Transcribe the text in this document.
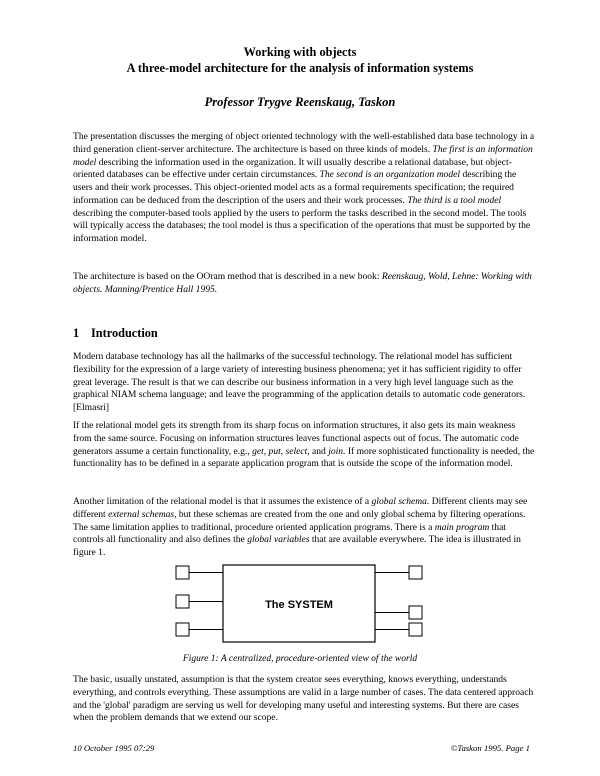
Working with objects
A three-model architecture for the analysis of information systems
Professor Trygve Reenskaug, Taskon
The presentation discusses the merging of object oriented technology with the well-established data base technology in a third generation client-server architecture. The architecture is based on three kinds of models. The first is an information model describing the information used in the organization. It will usually describe a relational database, but object-oriented databases can be effective under certain circumstances. The second is an organization model describing the users and their work processes. This object-oriented model acts as a formal requirements specification; the required information can be deduced from the description of the users and their work processes. The third is a tool model describing the computer-based tools applied by the users to perform the tasks described in the second model. The tools will typically access the databases; the tool model is thus a specification of the operations that must be supported by the information model.
The architecture is based on the OOram method that is described in a new book: Reenskaug, Wold, Lehne: Working with objects. Manning/Prentice Hall 1995.
1 Introduction
Modern database technology has all the hallmarks of the successful technology. The relational model has sufficient flexibility for the expression of a large variety of interesting business phenomena; yet it has sufficient rigidity to offer great leverage. The result is that we can describe our business information in a very high level language such as the graphical NIAM schema language; and leave the programming of the application details to automatic code generators. [Elmasri]
If the relational model gets its strength from its sharp focus on information structures, it also gets its main weakness from the same source. Focusing on information structures leaves functional aspects out of focus. The automatic code generators assume a certain functionality, e.g., get, put, select, and join. If more sophisticated functionality is needed, the functionality has to be defined in a separate application program that is outside the scope of the information model.
Another limitation of the relational model is that it assumes the existence of a global schema. Different clients may see different external schemas, but these schemas are created from the one and only global schema by filtering operations. The same limitation applies to traditional, procedure oriented application programs. There is a main program that controls all functionality and also defines the global variables that are available everywhere. The idea is illustrated in figure 1.
The SYSTEM
Figure 1: A centralized, procedure-oriented view of the world
The basic, usually unstated, assumption is that the system creator sees everything, knows everything, understands everything, and controls everything. These assumptions are valid in a large number of cases. The data centered approach and the 'global' paradigm are serving us well for developing many useful and interesting systems. But there are cases when the problem demands that we extend our scope.
10 October 1995 07:29	©Taskon 1995. Page 1
